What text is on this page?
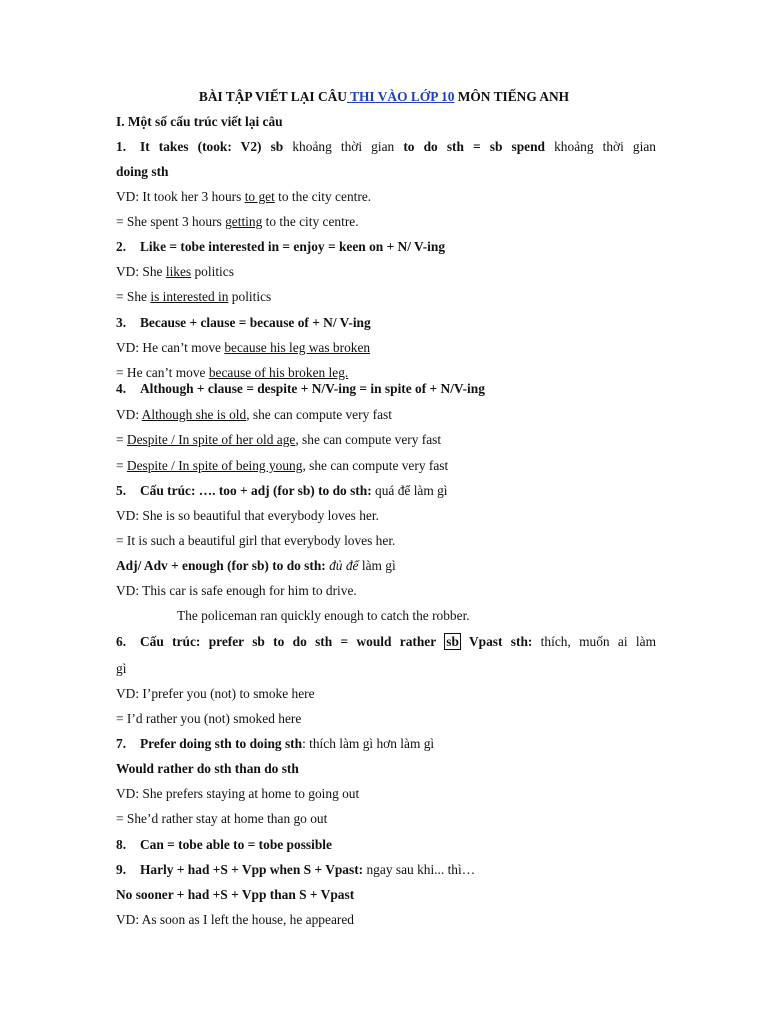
BÀI TẬP VIẾT LẠI CÂU THI VÀO LỚP 10 MÔN TIẾNG ANH
I. Một số cấu trúc viết lại câu
1. It takes (took: V2) sb khoảng thời gian to do sth = sb spend khoảng thời gian
doing sth
VD: It took her 3 hours to get to the city centre.
= She spent 3 hours getting to the city centre.
2. Like = tobe interested in = enjoy = keen on + N/ V-ing
VD: She likes politics
= She is interested in politics
3. Because + clause = because of + N/ V-ing
VD: He can’t move because his leg was broken
= He can’t move because of his broken leg.
4. Although + clause = despite + N/V-ing = in spite of + N/V-ing
VD: Although she is old, she can compute very fast
= Despite / In spite of her old age, she can compute very fast
= Despite / In spite of being young, she can compute very fast
5. Cấu trúc: …. too + adj (for sb) to do sth: quá để làm gì
VD: She is so beautiful that everybody loves her.
= It is such a beautiful girl that everybody loves her.
Adj/ Adv + enough (for sb) to do sth: đủ để làm gì
VD: This car is safe enough for him to drive.
The policeman ran quickly enough to catch the robber.
6. Cấu trúc: prefer sb to do sth = would rather sb Vpast sth: thích, muốn ai làm
gì
VD: I’prefer you (not) to smoke here
= I’d rather you (not) smoked here
7. Prefer doing sth to doing sth: thích làm gì hơn làm gì
Would rather do sth than do sth
VD: She prefers staying at home to going out
= She’d rather stay at home than go out
8. Can = tobe able to = tobe possible
9. Harly + had +S + Vpp when S + Vpast: ngay sau khi... thì…
No sooner + had +S + Vpp than S + Vpast
VD: As soon as I left the house, he appeared
